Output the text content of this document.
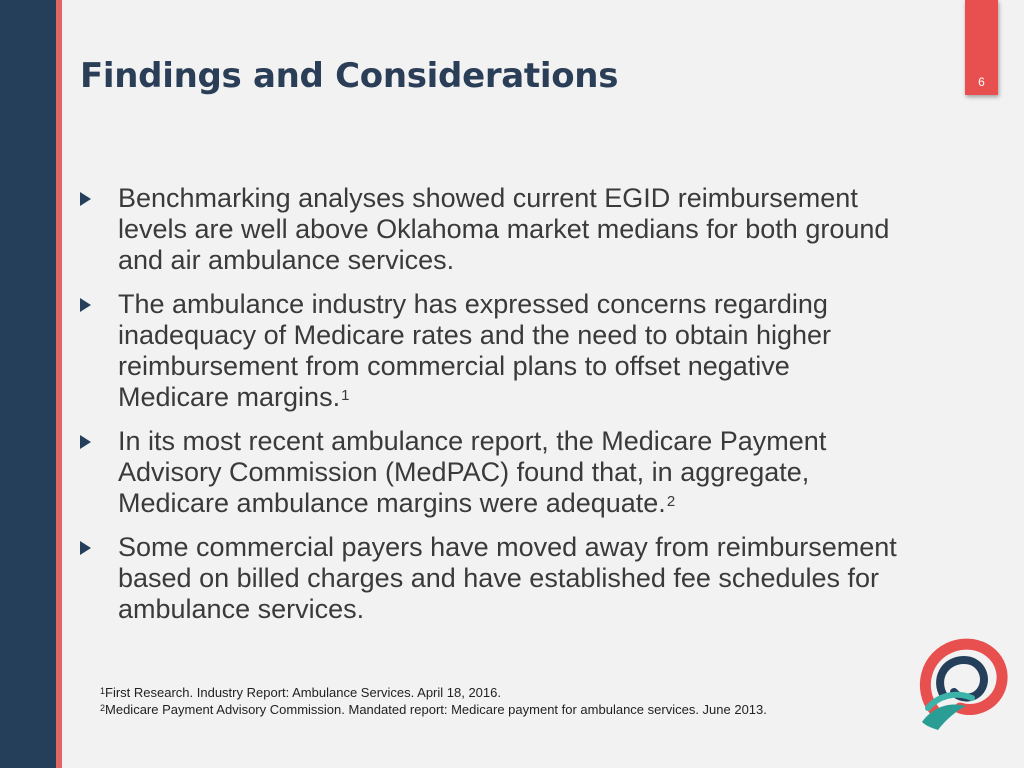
Findings and Considerations	6
Benchmarking analyses showed current EGID reimbursement levels are well above Oklahoma market medians for both ground and air ambulance services.
The ambulance industry has expressed concerns regarding inadequacy of Medicare rates and the need to obtain higher reimbursement from commercial plans to offset negative Medicare margins.$^1$
In its most recent ambulance report, the Medicare Payment Advisory Commission (MedPAC) found that, in aggregate, Medicare ambulance margins were adequate.$^2$
Some commercial payers have moved away from reimbursement based on billed charges and have established fee schedules for ambulance services.
$^1$First Research. Industry Report: Ambulance Services. April 18, 2016.
$^2$Medicare Payment Advisory Commission. Mandated report: Medicare payment for ambulance services. June 2013.
